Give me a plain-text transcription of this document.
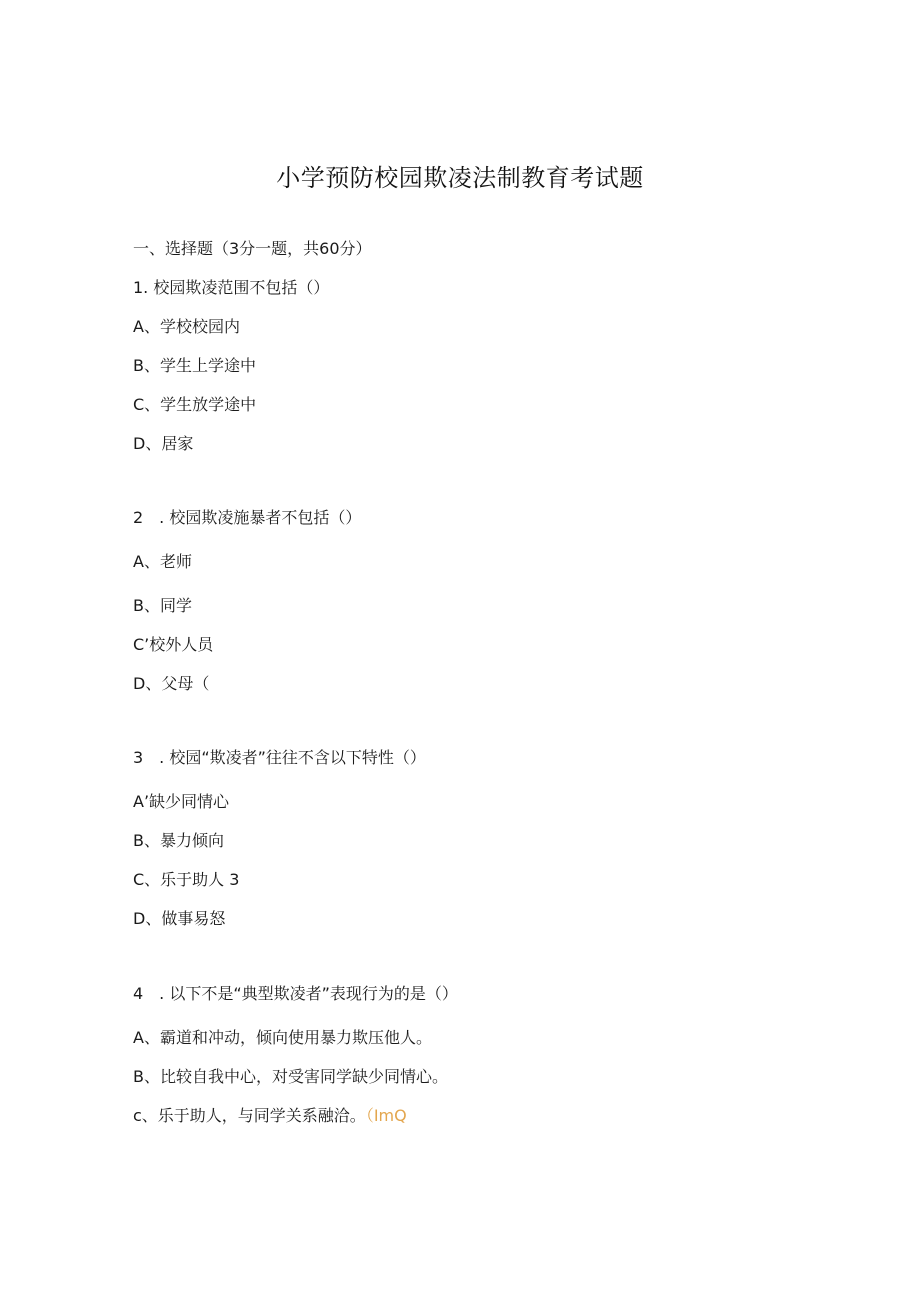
小学预防校园欺凌法制教育考试题
一、选择题（3分一题，共60分）
1. 校园欺凌范围不包括（）
A、学校校园内
B、学生上学途中
C、学生放学途中
D、居家
2　. 校园欺凌施暴者不包括（）
A、老师
B、同学
C’校外人员
D、父母（
3　. 校园“欺凌者”往往不含以下特性（）
A’缺少同情心
B、暴力倾向
C、乐于助人 3
D、做事易怒
4　. 以下不是“典型欺凌者”表现行为的是（）
A、霸道和冲动，倾向使用暴力欺压他人。
B、比较自我中心，对受害同学缺少同情心。
c、乐于助人，与同学关系融洽。（ImQ
